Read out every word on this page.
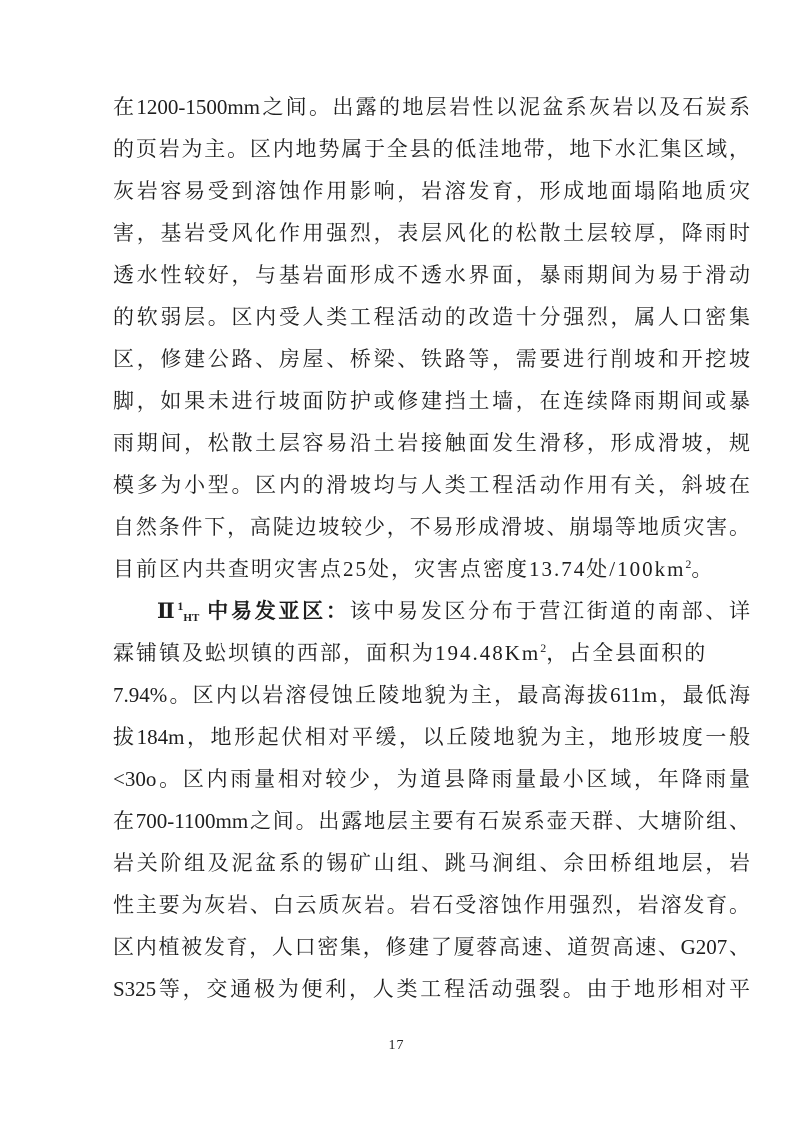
在1200-1500mm之间。出露的地层岩性以泥盆系灰岩以及石炭系
的页岩为主。区内地势属于全县的低洼地带，地下水汇集区域，
灰岩容易受到溶蚀作用影响，岩溶发育，形成地面塌陷地质灾
害，基岩受风化作用强烈，表层风化的松散土层较厚，降雨时
透水性较好，与基岩面形成不透水界面，暴雨期间为易于滑动
的软弱层。区内受人类工程活动的改造十分强烈，属人口密集
区，修建公路、房屋、桥梁、铁路等，需要进行削坡和开挖坡
脚，如果未进行坡面防护或修建挡土墙，在连续降雨期间或暴
雨期间，松散土层容易沿土岩接触面发生滑移，形成滑坡，规
模多为小型。区内的滑坡均与人类工程活动作用有关，斜坡在
自然条件下，高陡边坡较少，不易形成滑坡、崩塌等地质灾害。
目前区内共查明灾害点25处，灾害点密度13.74处$/100km^2$。
Ⅱ$^1_{HT}$ 中易发亚区：该中易发区分布于营江街道的南部、详
霖铺镇及蚣坝镇的西部，面积为194.48Km$^2$，占全县面积的
7.94%。区内以岩溶侵蚀丘陵地貌为主，最高海拔611m，最低海
拔184m，地形起伏相对平缓，以丘陵地貌为主，地形坡度一般
<30o。区内雨量相对较少，为道县降雨量最小区域，年降雨量
在700-1100mm之间。出露地层主要有石炭系壶天群、大塘阶组、
岩关阶组及泥盆系的锡矿山组、跳马涧组、佘田桥组地层，岩
性主要为灰岩、白云质灰岩。岩石受溶蚀作用强烈，岩溶发育。
区内植被发育，人口密集，修建了厦蓉高速、道贺高速、G207、
S325等，交通极为便利，人类工程活动强裂。由于地形相对平
17
